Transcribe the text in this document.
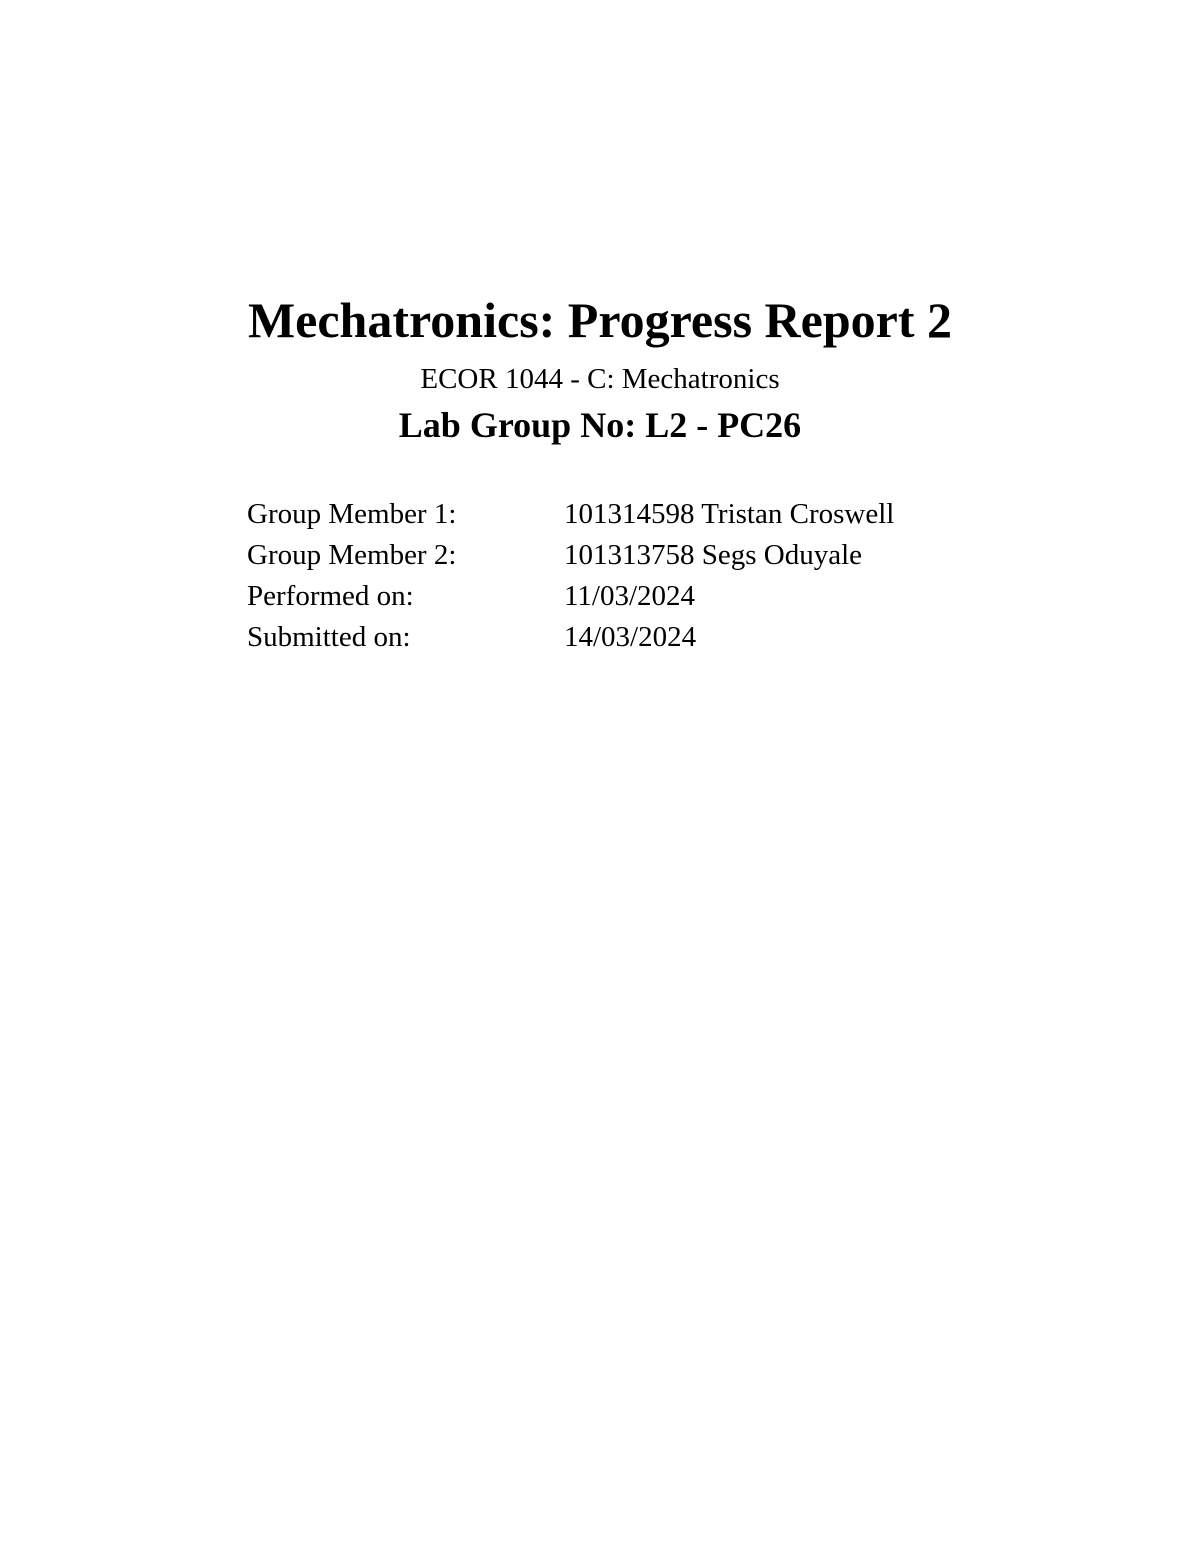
Mechatronics: Progress Report 2

ECOR 1044 - C: Mechatronics

Lab Group No: L2 - PC26
Group Member 1:	101314598 Tristan Croswell
Group Member 2:	101313758 Segs Oduyale
Performed on:	11/03/2024
Submitted on:	14/03/2024
